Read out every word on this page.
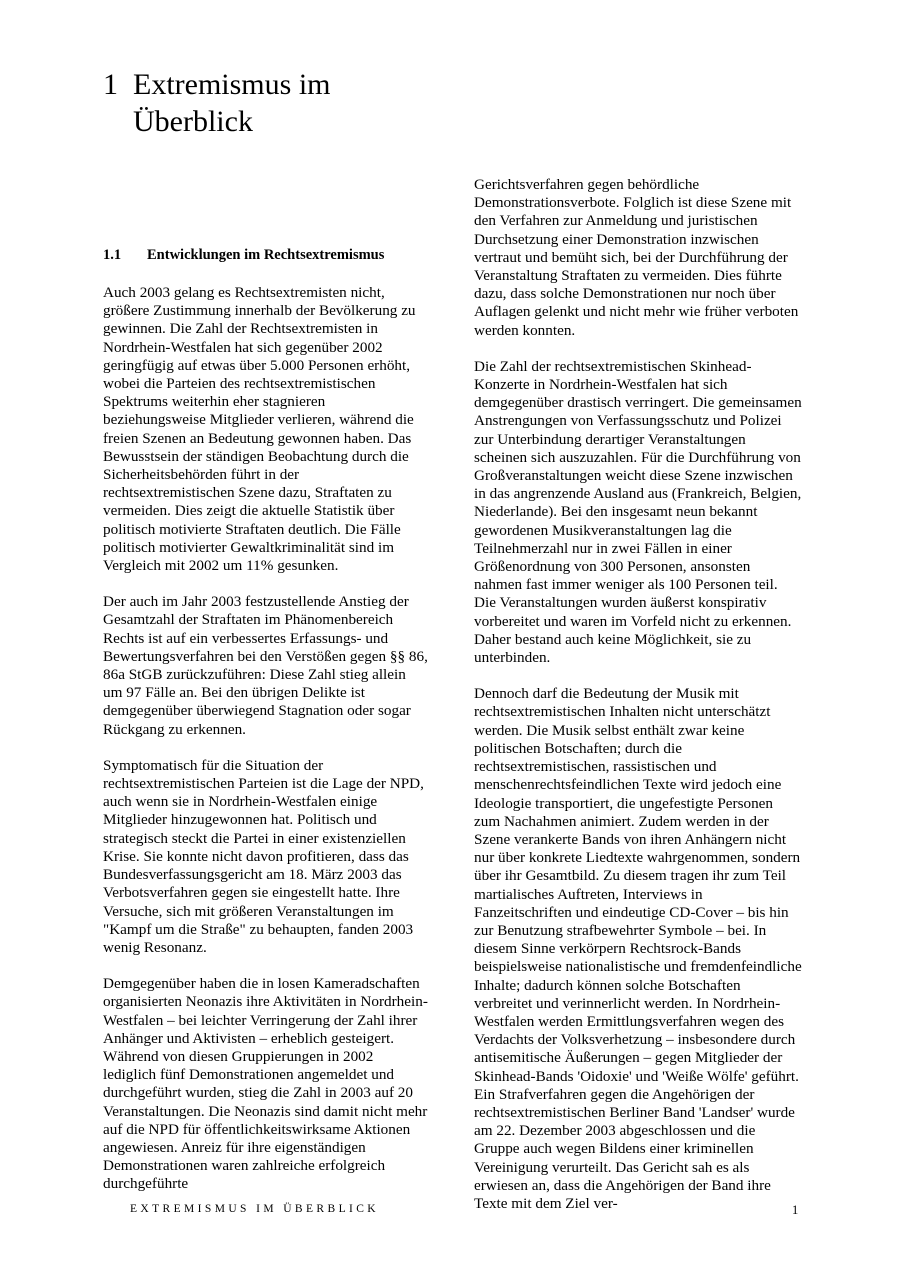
1 Extremismus im Überblick
1.1 Entwicklungen im Rechtsextremismus

Auch 2003 gelang es Rechtsextremisten nicht, größere Zustimmung innerhalb der Bevölkerung zu gewinnen. Die Zahl der Rechtsextremisten in Nordrhein-Westfalen hat sich gegenüber 2002 geringfügig auf etwas über 5.000 Personen erhöht, wobei die Parteien des rechtsextremistischen Spektrums weiterhin eher stagnieren beziehungsweise Mitglieder verlieren, während die freien Szenen an Bedeutung gewonnen haben. Das Bewusstsein der ständigen Beobachtung durch die Sicherheitsbehörden führt in der rechtsextremistischen Szene dazu, Straftaten zu vermeiden. Dies zeigt die aktuelle Statistik über politisch motivierte Straftaten deutlich. Die Fälle politisch motivierter Gewaltkriminalität sind im Vergleich mit 2002 um 11% gesunken.

Der auch im Jahr 2003 festzustellende Anstieg der Gesamtzahl der Straftaten im Phänomenbereich Rechts ist auf ein verbessertes Erfassungs- und Bewertungsverfahren bei den Verstößen gegen §§ 86, 86a StGB zurückzuführen: Diese Zahl stieg allein um 97 Fälle an. Bei den übrigen Delikte ist demgegenüber überwiegend Stagnation oder sogar Rückgang zu erkennen.

Symptomatisch für die Situation der rechtsextremistischen Parteien ist die Lage der NPD, auch wenn sie in Nordrhein-Westfalen einige Mitglieder hinzugewonnen hat. Politisch und strategisch steckt die Partei in einer existenziellen Krise. Sie konnte nicht davon profitieren, dass das Bundesverfassungsgericht am 18. März 2003 das Verbotsverfahren gegen sie eingestellt hatte. Ihre Versuche, sich mit größeren Veranstaltungen im "Kampf um die Straße" zu behaupten, fanden 2003 wenig Resonanz.

Demgegenüber haben die in losen Kameradschaften organisierten Neonazis ihre Aktivitäten in Nordrhein-Westfalen – bei leichter Verringerung der Zahl ihrer Anhänger und Aktivisten – erheblich gesteigert. Während von diesen Gruppierungen in 2002 lediglich fünf Demonstrationen angemeldet und durchgeführt wurden, stieg die Zahl in 2003 auf 20 Veranstaltungen. Die Neonazis sind damit nicht mehr auf die NPD für öffentlichkeitswirksame Aktionen angewiesen. Anreiz für ihre eigenständigen Demonstrationen waren zahlreiche erfolgreich durchgeführte

Gerichtsverfahren gegen behördliche Demonstrationsverbote. Folglich ist diese Szene mit den Verfahren zur Anmeldung und juristischen Durchsetzung einer Demonstration inzwischen vertraut und bemüht sich, bei der Durchführung der Veranstaltung Straftaten zu vermeiden. Dies führte dazu, dass solche Demonstrationen nur noch über Auflagen gelenkt und nicht mehr wie früher verboten werden konnten.

Die Zahl der rechtsextremistischen Skinhead-Konzerte in Nordrhein-Westfalen hat sich demgegenüber drastisch verringert. Die gemeinsamen Anstrengungen von Verfassungsschutz und Polizei zur Unterbindung derartiger Veranstaltungen scheinen sich auszuzahlen. Für die Durchführung von Großveranstaltungen weicht diese Szene inzwischen in das angrenzende Ausland aus (Frankreich, Belgien, Niederlande). Bei den insgesamt neun bekannt gewordenen Musikveranstaltungen lag die Teilnehmerzahl nur in zwei Fällen in einer Größenordnung von 300 Personen, ansonsten nahmen fast immer weniger als 100 Personen teil. Die Veranstaltungen wurden äußerst konspirativ vorbereitet und waren im Vorfeld nicht zu erkennen. Daher bestand auch keine Möglichkeit, sie zu unterbinden.

Dennoch darf die Bedeutung der Musik mit rechtsextremistischen Inhalten nicht unterschätzt werden. Die Musik selbst enthält zwar keine politischen Botschaften; durch die rechtsextremistischen, rassistischen und menschenrechtsfeindlichen Texte wird jedoch eine Ideologie transportiert, die ungefestigte Personen zum Nachahmen animiert. Zudem werden in der Szene verankerte Bands von ihren Anhängern nicht nur über konkrete Liedtexte wahrgenommen, sondern über ihr Gesamtbild. Zu diesem tragen ihr zum Teil martialisches Auftreten, Interviews in Fanzeitschriften und eindeutige CD-Cover – bis hin zur Benutzung strafbewehrter Symbole – bei. In diesem Sinne verkörpern Rechtsrock-Bands beispielsweise nationalistische und fremdenfeindliche Inhalte; dadurch können solche Botschaften verbreitet und verinnerlicht werden. In Nordrhein-Westfalen werden Ermittlungsverfahren wegen des Verdachts der Volksverhetzung – insbesondere durch antisemitische Äußerungen – gegen Mitglieder der Skinhead-Bands 'Oidoxie' und 'Weiße Wölfe' geführt. Ein Strafverfahren gegen die Angehörigen der rechtsextremistischen Berliner Band 'Landser' wurde am 22. Dezember 2003 abgeschlossen und die Gruppe auch wegen Bildens einer kriminellen Vereinigung verurteilt. Das Gericht sah es als erwiesen an, dass die Angehörigen der Band ihre Texte mit dem Ziel ver-

EXTREMISMUS IM ÜBERBLICK	1
